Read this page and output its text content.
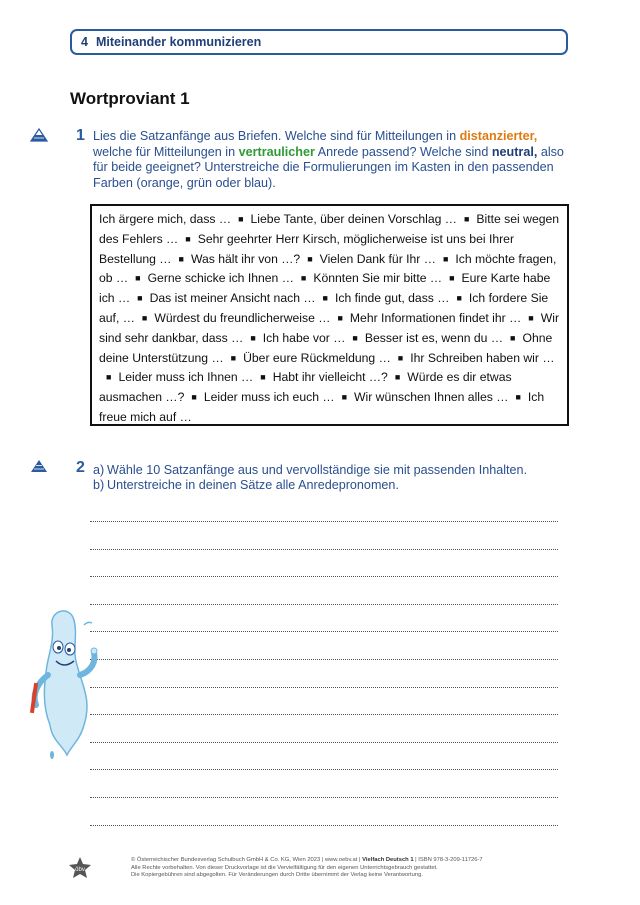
4 Miteinander kommunizieren
Wortproviant 1
1 Lies die Satzanfänge aus Briefen. Welche sind für Mitteilungen in distanzierter, welche für Mitteilungen in vertraulicher Anrede passend? Welche sind neutral, also für beide geeignet? Unterstreiche die Formulierungen im Kasten in den passenden Farben (orange, grün oder blau).
Ich ärgere mich, dass … ■ Liebe Tante, über deinen Vorschlag … ■ Bitte sei wegen des Fehlers … ■ Sehr geehrter Herr Kirsch, möglicherweise ist uns bei Ihrer Bestellung … ■ Was hält ihr von …? ■ Vielen Dank für Ihr … ■ Ich möchte fragen, ob … ■ Gerne schicke ich Ihnen … ■ Könnten Sie mir bitte … ■ Eure Karte habe ich … ■ Das ist meiner Ansicht nach … ■ Ich finde gut, dass … ■ Ich fordere Sie auf, … ■ Würdest du freundlicherweise … ■ Mehr Informationen findet ihr … ■ Wir sind sehr dankbar, dass … ■ Ich habe vor … ■ Besser ist es, wenn du … ■ Ohne deine Unterstützung … ■ Über eure Rückmeldung … ■ Ihr Schreiben haben wir …■ Leider muss ich Ihnen … ■ Habt ihr vielleicht …? ■ Würde es dir etwas ausmachen …? ■ Leider muss ich euch … ■ Wir wünschen Ihnen alles … ■ Ich freue mich auf …
2 a) Wähle 10 Satzanfänge aus und vervollständige sie mit passenden Inhalten.
b) Unterstreiche in deinen Sätze alle Anredepronomen.
öbv
© Österreichischer Bundesverlag Schulbuch GmbH & Co. KG, Wien 2023 | www.oebv.at | Vielfach Deutsch 1 | ISBN 978-3-209-11726-7
Alle Rechte vorbehalten. Von dieser Druckvorlage ist die Vervielfältigung für den eigenen Unterrichtsgebrauch gestattet.
Die Kopiergebühren sind abgegolten. Für Veränderungen durch Dritte übernimmt der Verlag keine Verantwortung.
